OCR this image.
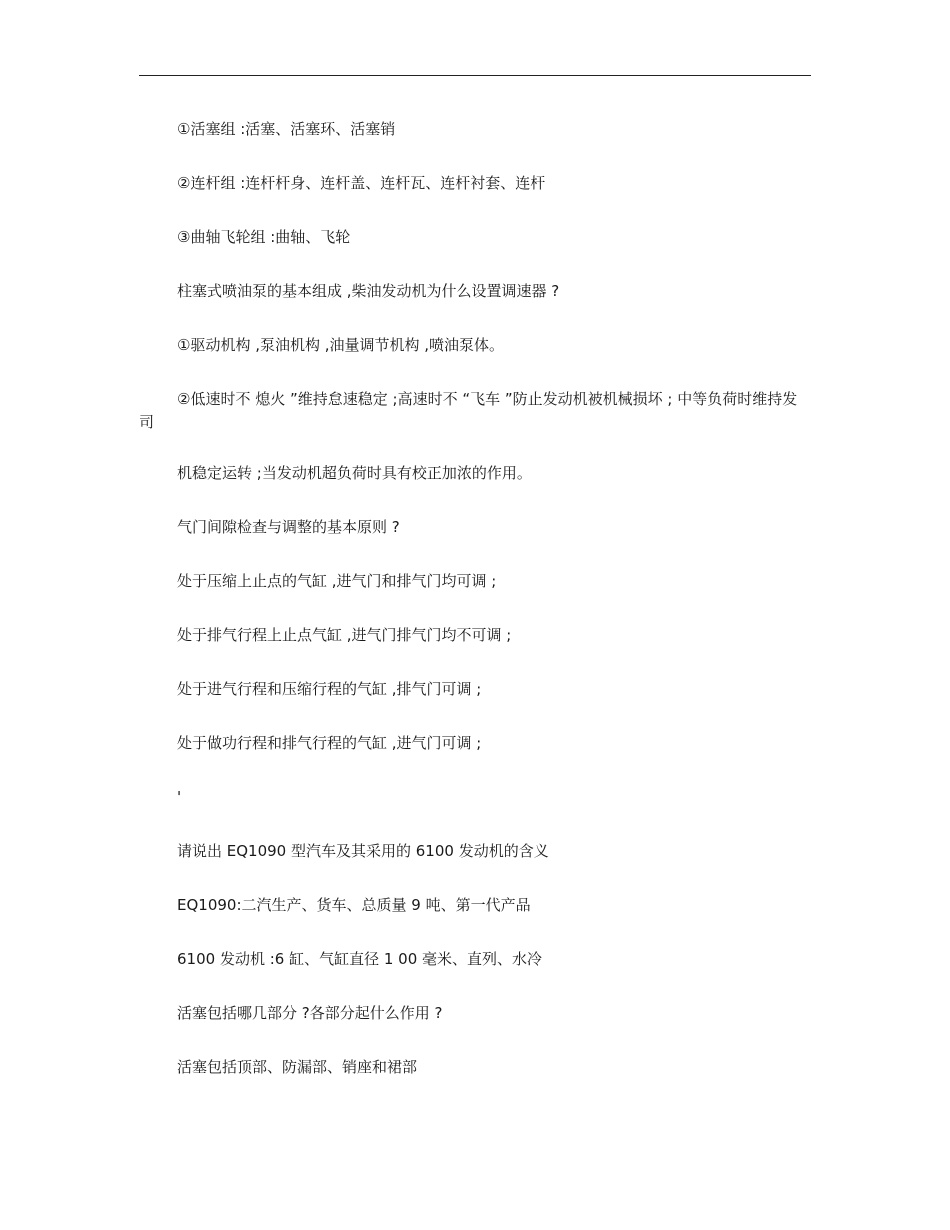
①活塞组 :活塞、活塞环、活塞销

②连杆组 :连杆杆身、连杆盖、连杆瓦、连杆衬套、连杆

③曲轴飞轮组 :曲轴、飞轮

柱塞式喷油泵的基本组成 ,柴油发动机为什么设置调速器 ?

①驱动机构 ,泵油机构 ,油量调节机构 ,喷油泵体。

②低速时不 熄火 ”维持怠速稳定 ;高速时不 “飞车 ”防止发动机被机械损坏 ; 中等负荷时维持发司

机稳定运转 ;当发动机超负荷时具有校正加浓的作用。

气门间隙检查与调整的基本原则 ?

处于压缩上止点的气缸 ,进气门和排气门均可调 ;

处于排气行程上止点气缸 ,进气门排气门均不可调 ;

处于进气行程和压缩行程的气缸 ,排气门可调 ;

处于做功行程和排气行程的气缸 ,进气门可调 ;

'

请说出 EQ1090 型汽车及其采用的 6100 发动机的含义

EQ1090:二汽生产、货车、总质量 9 吨、第一代产品

6100 发动机 :6 缸、气缸直径 1 00 毫米、直列、水冷

活塞包括哪几部分 ?各部分起什么作用 ?

活塞包括顶部、防漏部、销座和裙部
